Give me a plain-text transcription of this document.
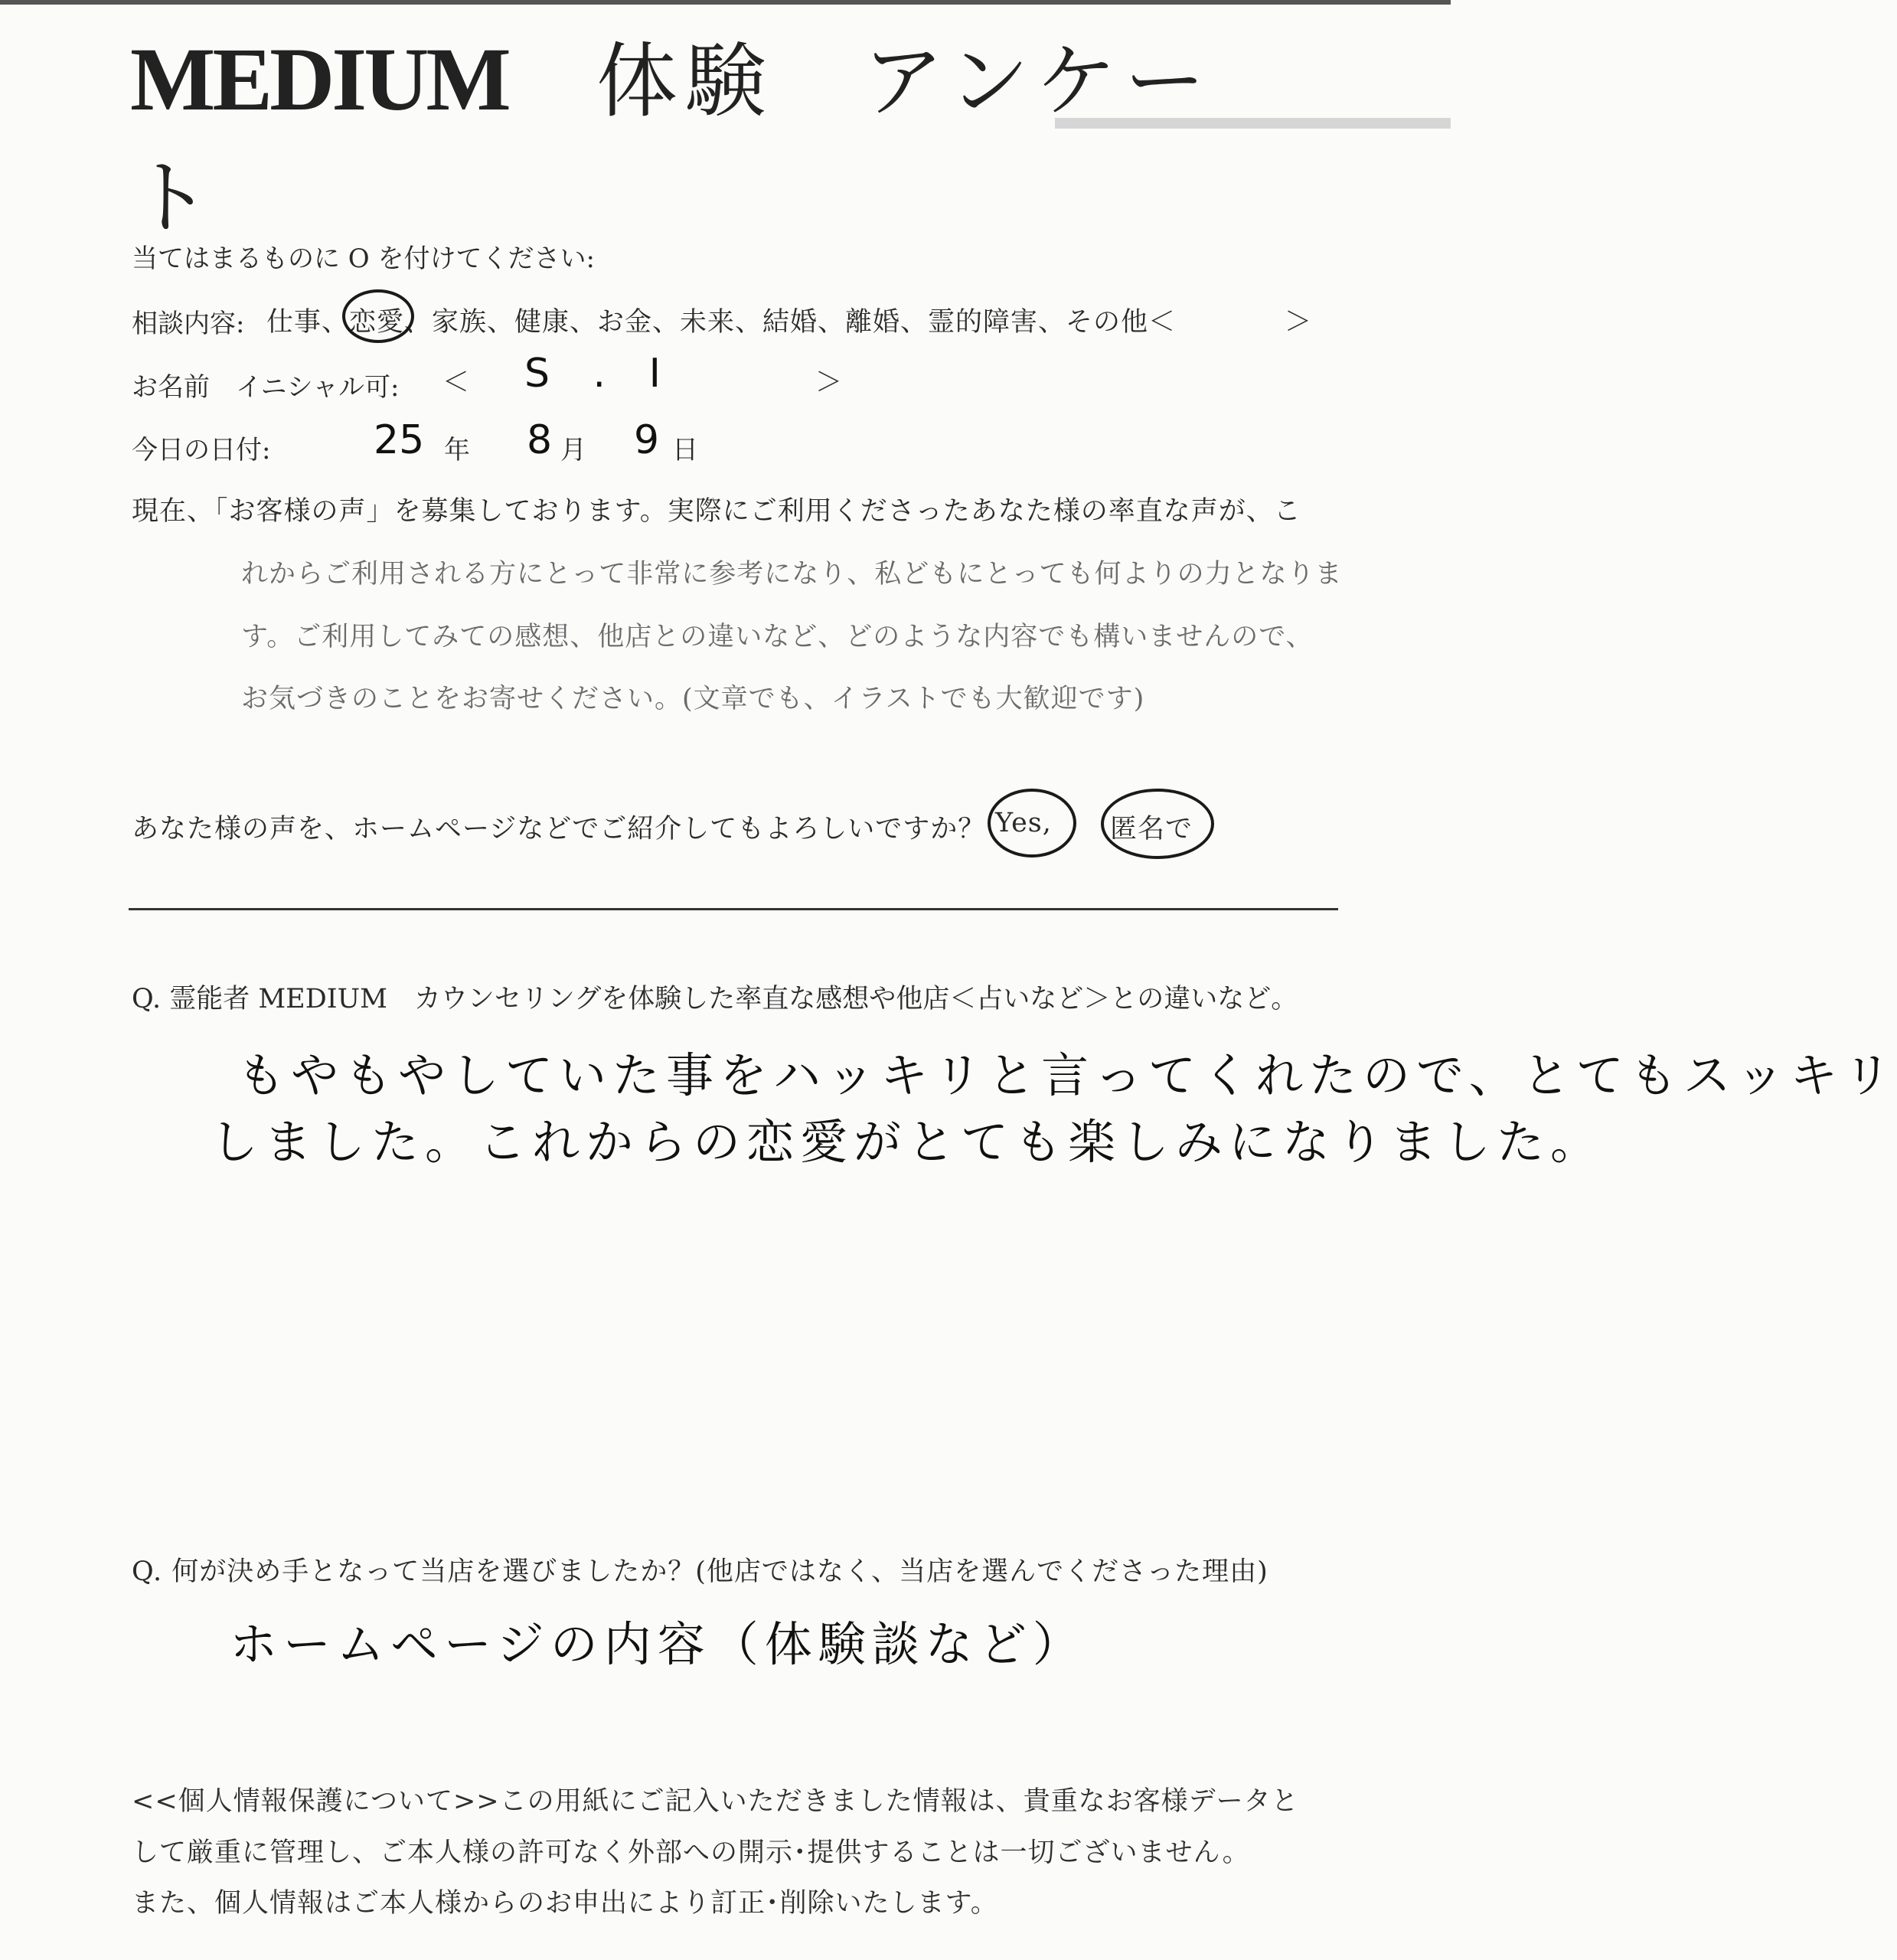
MEDIUM 体験　アンケート
当てはまるものに O を付けてください:
相談内容: 仕事、恋愛、家族、健康、お金、未来、結婚、離婚、霊的障害、その他＜	＞
お名前　イニシャル可: ＜ S . I	＞
今日の日付:	25 年 8 月 9 日
現在、「お客様の声」を募集しております。実際にご利用くださったあなた様の率直な声が、こ
れからご利用される方にとって非常に参考になり、私どもにとっても何よりの力となりま
す。ご利用してみての感想、他店との違いなど、どのような内容でも構いませんので、
お気づきのことをお寄せください。(文章でも、イラストでも大歓迎です)
あなた様の声を、ホームページなどでご紹介してもよろしいですか？ Yes, 匿名で
Q. 霊能者 MEDIUM　カウンセリングを体験した率直な感想や他店＜占いなど＞との違いなど。
もやもやしていた事をハッキリと言ってくれたので、とてもスッキリ
しました。これからの恋愛がとても楽しみになりました。
Q. 何が決め手となって当店を選びましたか？(他店ではなく、当店を選んでくださった理由)
ホームページの内容（体験談など）
<<個人情報保護について>>この用紙にご記入いただきました情報は、貴重なお客様データと
して厳重に管理し、ご本人様の許可なく外部への開示･提供することは一切ございません。
また、個人情報はご本人様からのお申出により訂正･削除いたします。
